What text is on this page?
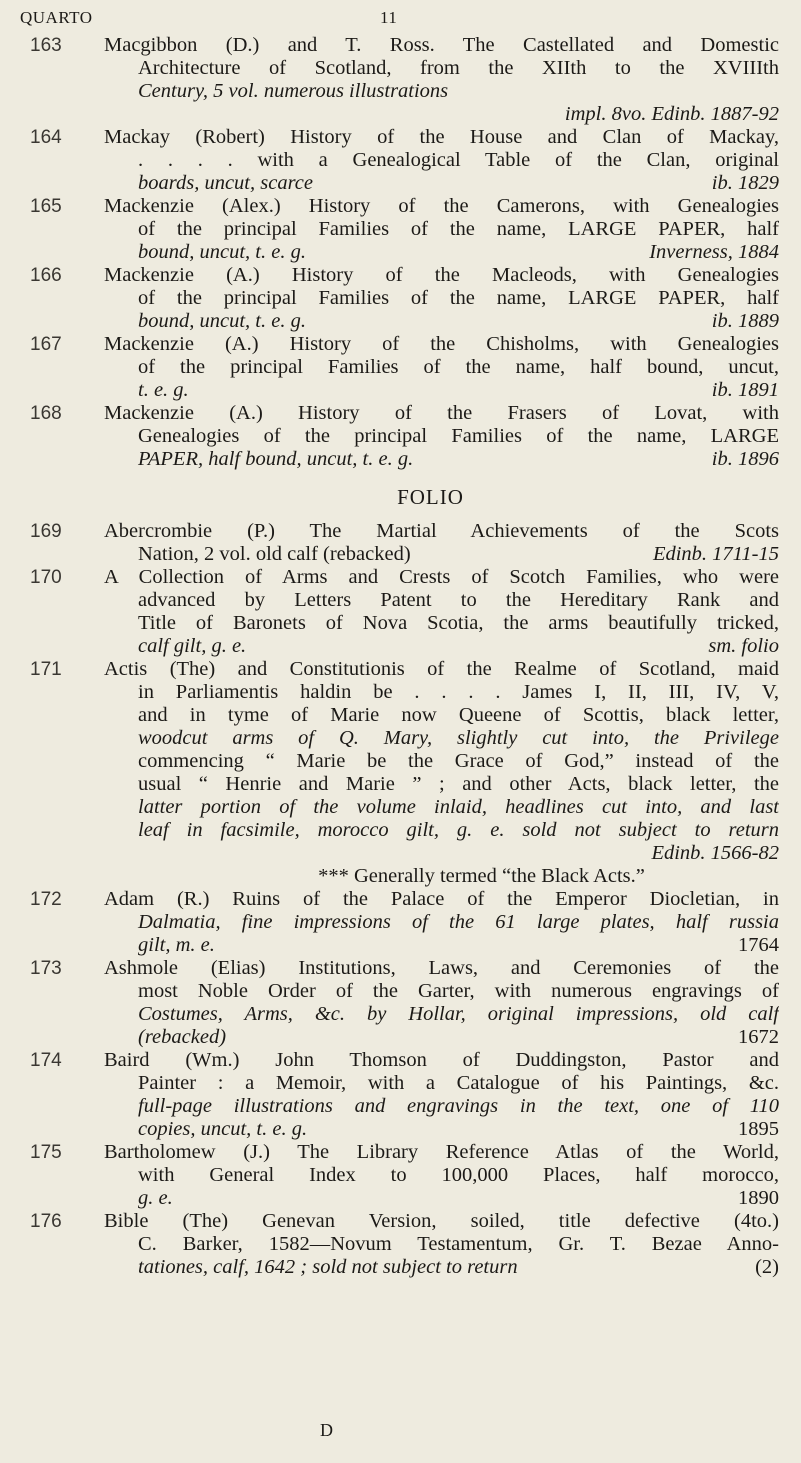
QUARTO	11
163 Macgibbon (D.) and T. Ross. The Castellated and Domestic
Architecture of Scotland, from the XIIth to the XVIIIth
Century, 5 vol. numerous illustrations
impl. 8vo. Edinb. 1887-92
164 Mackay (Robert) History of the House and Clan of Mackay,
. . . . with a Genealogical Table of the Clan, original
boards, uncut, scarce	ib. 1829
165 Mackenzie (Alex.) History of the Camerons, with Genealogies
of the principal Families of the name, LARGE PAPER, half
bound, uncut, t. e. g.	Inverness, 1884
166 Mackenzie (A.) History of the Macleods, with Genealogies
of the principal Families of the name, LARGE PAPER, half
bound, uncut, t. e. g.	ib. 1889
167 Mackenzie (A.) History of the Chisholms, with Genealogies
of the principal Families of the name, half bound, uncut,
t. e. g.	ib. 1891
168 Mackenzie (A.) History of the Frasers of Lovat, with
Genealogies of the principal Families of the name, LARGE
PAPER, half bound, uncut, t. e. g.	ib. 1896
FOLIO
169 Abercrombie (P.) The Martial Achievements of the Scots
Nation, 2 vol. old calf (rebacked)	Edinb. 1711-15
170 A Collection of Arms and Crests of Scotch Families, who were
advanced by Letters Patent to the Hereditary Rank and
Title of Baronets of Nova Scotia, the arms beautifully tricked,
calf gilt, g. e.	sm. folio
171 Actis (The) and Constitutionis of the Realme of Scotland, maid
in Parliamentis haldin be . . . . James I, II, III, IV, V,
and in tyme of Marie now Queene of Scottis, black letter,
woodcut arms of Q. Mary, slightly cut into, the Privilege
commencing “ Marie be the Grace of God,” instead of the
usual “ Henrie and Marie ” ; and other Acts, black letter, the
latter portion of the volume inlaid, headlines cut into, and last
leaf in facsimile, morocco gilt, g. e. sold not subject to return
Edinb. 1566-82
*** Generally termed “the Black Acts.”
172 Adam (R.) Ruins of the Palace of the Emperor Diocletian, in
Dalmatia, fine impressions of the 61 large plates, half russia
gilt, m. e.	1764
173 Ashmole (Elias) Institutions, Laws, and Ceremonies of the
most Noble Order of the Garter, with numerous engravings of
Costumes, Arms, &c. by Hollar, original impressions, old calf
(rebacked)	1672
174 Baird (Wm.) John Thomson of Duddingston, Pastor and
Painter : a Memoir, with a Catalogue of his Paintings, &c.
full-page illustrations and engravings in the text, one of 110
copies, uncut, t. e. g.	1895
175 Bartholomew (J.) The Library Reference Atlas of the World,
with General Index to 100,000 Places, half morocco,
g. e.	1890
176 Bible (The) Genevan Version, soiled, title defective (4to.)
C. Barker, 1582—Novum Testamentum, Gr. T. Bezae Anno-
tationes, calf, 1642 ; sold not subject to return	(2)
D
